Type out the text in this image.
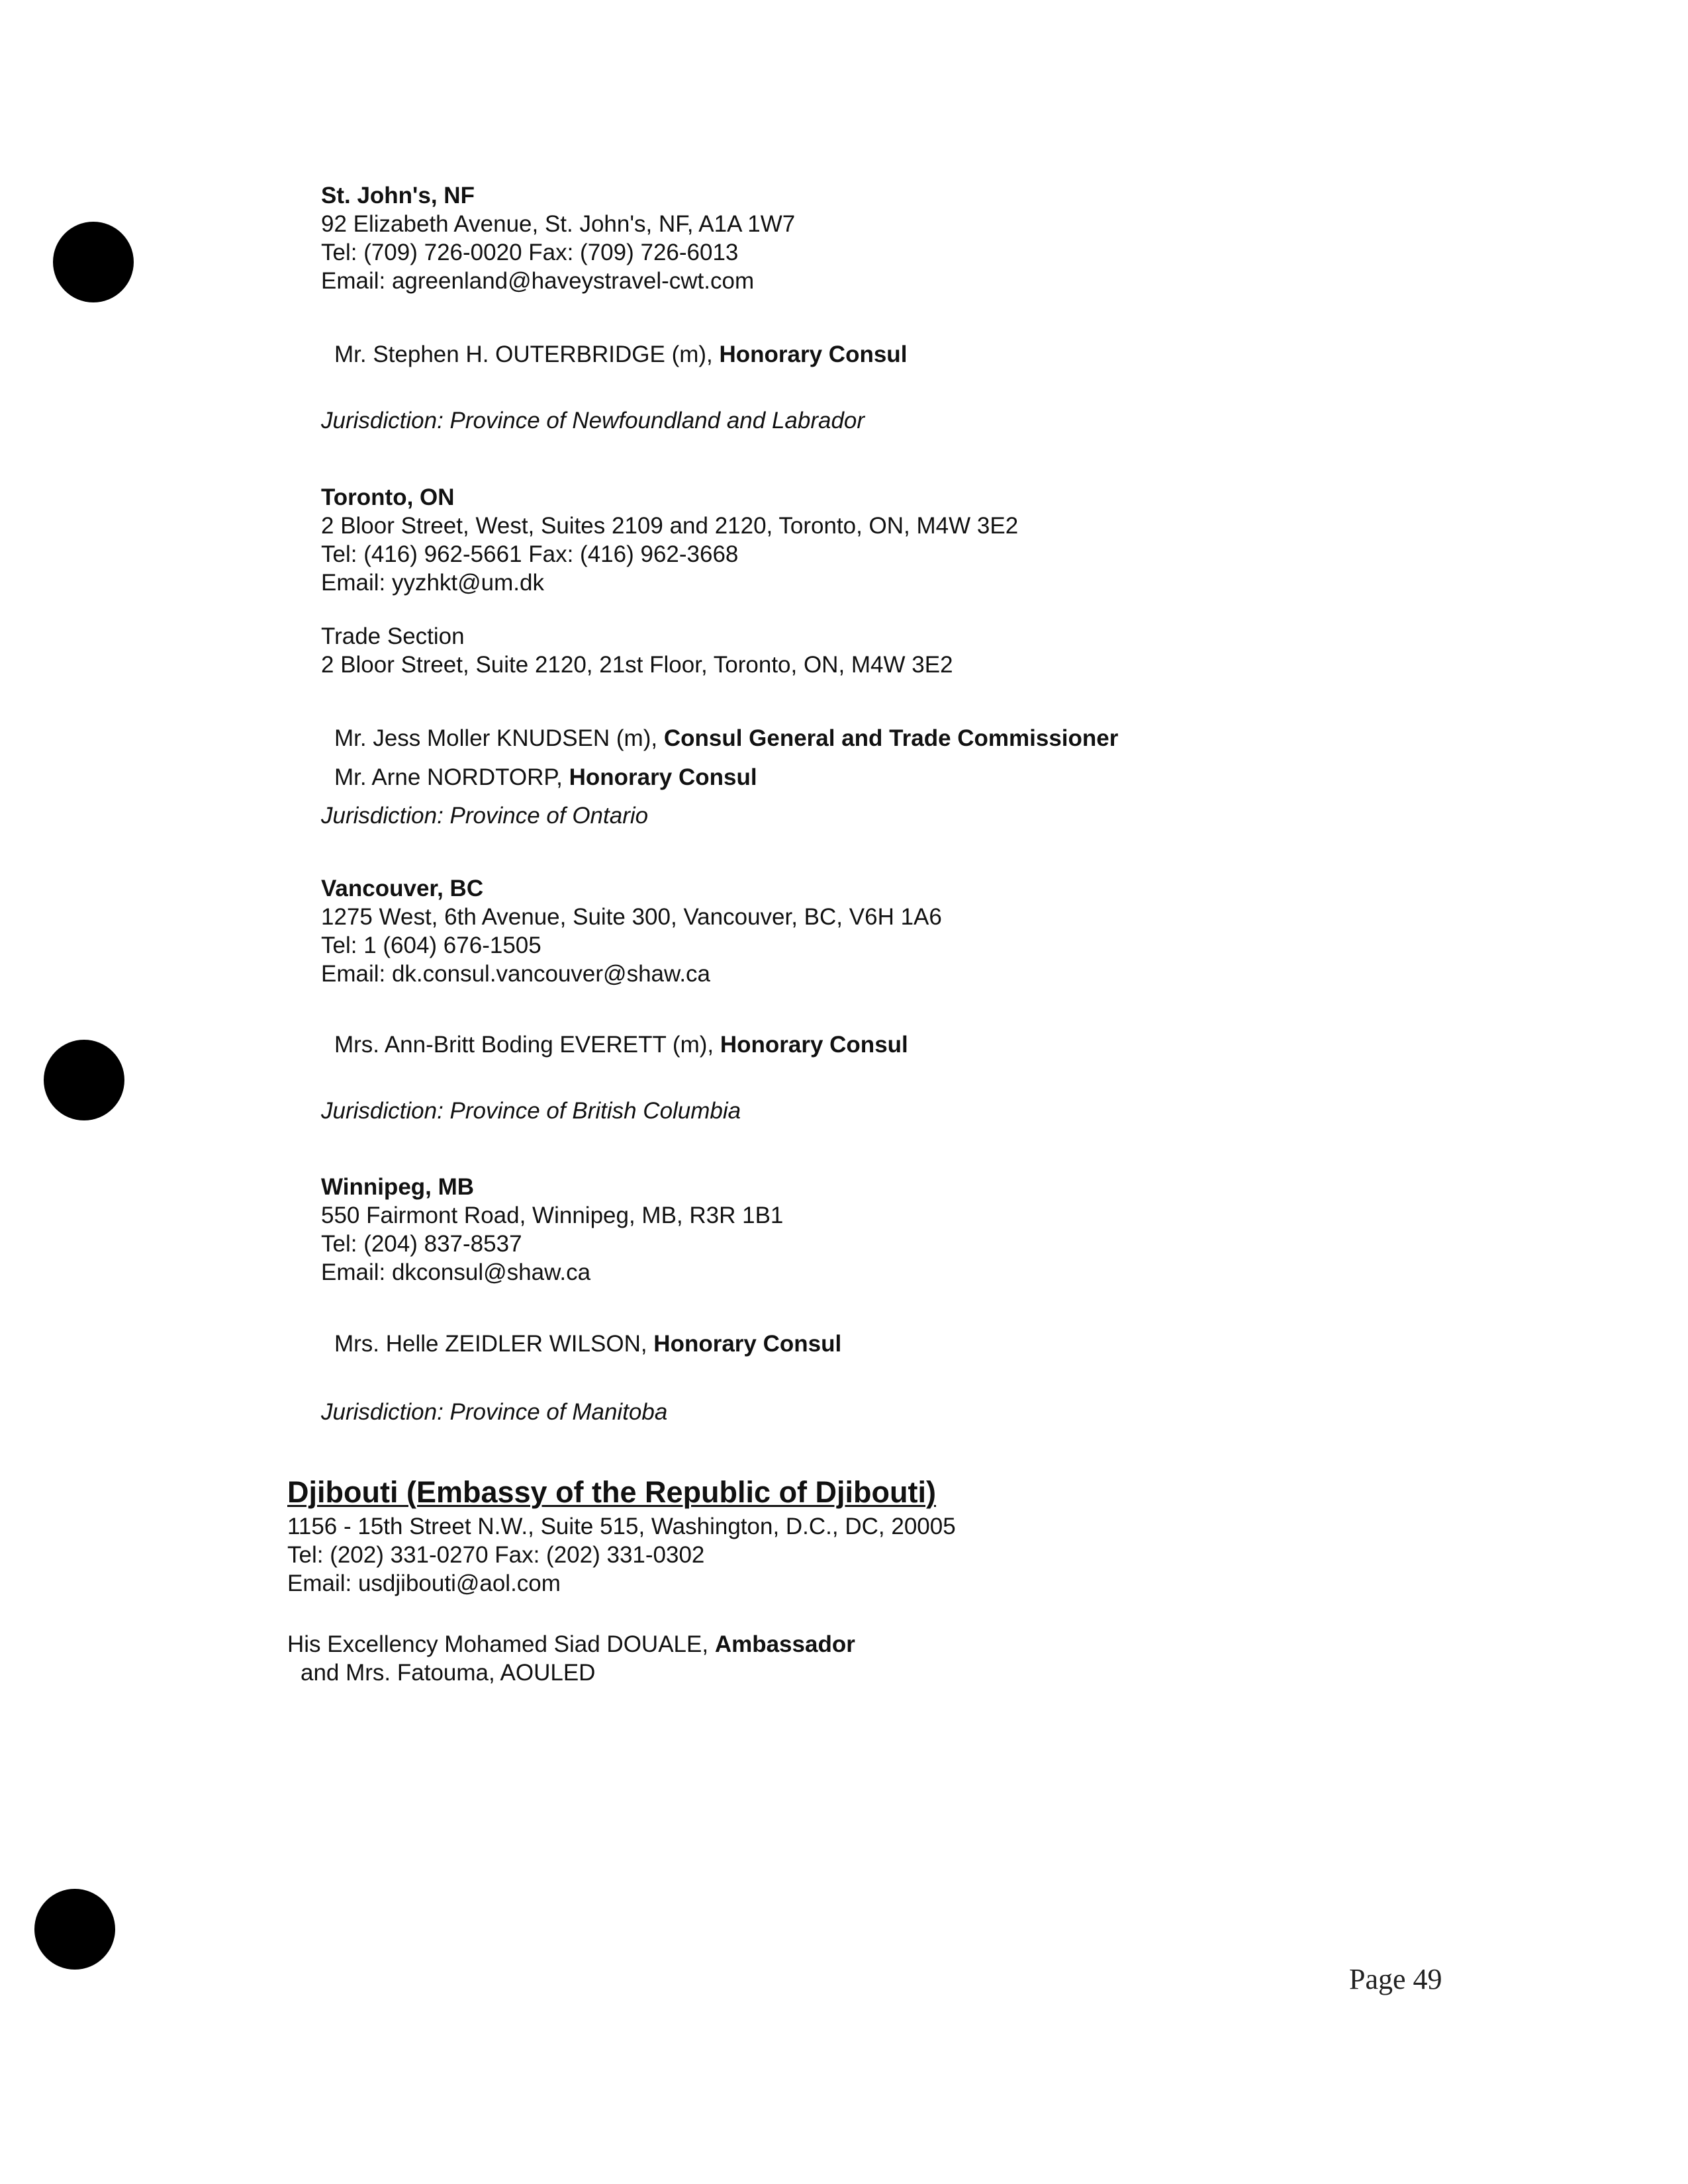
St. John's, NF
92 Elizabeth Avenue, St. John's, NF, A1A 1W7
Tel: (709) 726-0020 Fax: (709) 726-6013
Email: agreenland@haveystravel-cwt.com
Mr. Stephen H. OUTERBRIDGE (m), Honorary Consul
Jurisdiction: Province of Newfoundland and Labrador
Toronto, ON
2 Bloor Street, West, Suites 2109 and 2120, Toronto, ON, M4W 3E2
Tel: (416) 962-5661 Fax: (416) 962-3668
Email: yyzhkt@um.dk
Trade Section
2 Bloor Street, Suite 2120, 21st Floor, Toronto, ON, M4W 3E2
Mr. Jess Moller KNUDSEN (m), Consul General and Trade Commissioner
Mr. Arne NORDTORP, Honorary Consul
Jurisdiction: Province of Ontario
Vancouver, BC
1275 West, 6th Avenue, Suite 300, Vancouver, BC, V6H 1A6
Tel: 1 (604) 676-1505
Email: dk.consul.vancouver@shaw.ca
Mrs. Ann-Britt Boding EVERETT (m), Honorary Consul
Jurisdiction: Province of British Columbia
Winnipeg, MB
550 Fairmont Road, Winnipeg, MB, R3R 1B1
Tel: (204) 837-8537
Email: dkconsul@shaw.ca
Mrs. Helle ZEIDLER WILSON, Honorary Consul
Jurisdiction: Province of Manitoba
Djibouti (Embassy of the Republic of Djibouti)
1156 - 15th Street N.W., Suite 515, Washington, D.C., DC, 20005
Tel: (202) 331-0270 Fax: (202) 331-0302
Email: usdjibouti@aol.com
His Excellency Mohamed Siad DOUALE, Ambassador
and Mrs. Fatouma, AOULED
Page 49
